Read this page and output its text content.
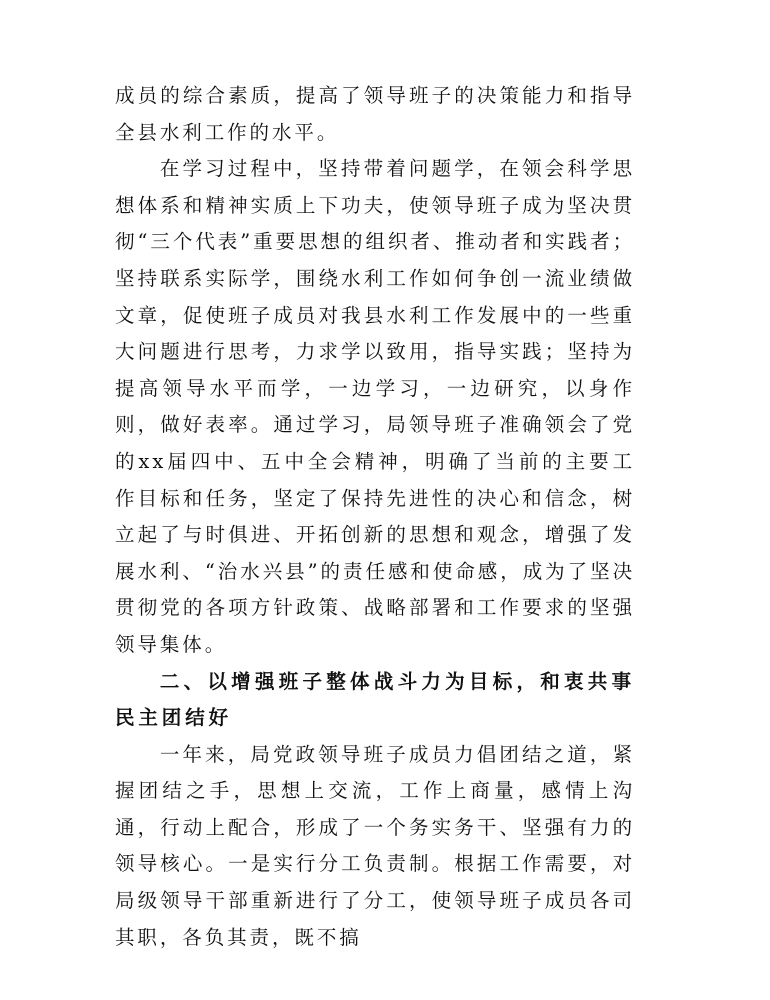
成员的综合素质，提高了领导班子的决策能力和指导全县水利工作的水平。

在学习过程中，坚持带着问题学，在领会科学思想体系和精神实质上下功夫，使领导班子成为坚决贯彻“三个代表”重要思想的组织者、推动者和实践者；坚持联系实际学，围绕水利工作如何争创一流业绩做文章，促使班子成员对我县水利工作发展中的一些重大问题进行思考，力求学以致用，指导实践；坚持为提高领导水平而学，一边学习，一边研究，以身作则，做好表率。通过学习，局领导班子准确领会了党的xx届四中、五中全会精神，明确了当前的主要工作目标和任务，坚定了保持先进性的决心和信念，树立起了与时俱进、开拓创新的思想和观念，增强了发展水利、“治水兴县”的责任感和使命感，成为了坚决贯彻党的各项方针政策、战略部署和工作要求的坚强领导集体。

二、以增强班子整体战斗力为目标，和衷共事民主团结好

一年来，局党政领导班子成员力倡团结之道，紧握团结之手，思想上交流，工作上商量，感情上沟通，行动上配合，形成了一个务实务干、坚强有力的领导核心。一是实行分工负责制。根据工作需要，对局级领导干部重新进行了分工，使领导班子成员各司其职，各负其责，既不搞
